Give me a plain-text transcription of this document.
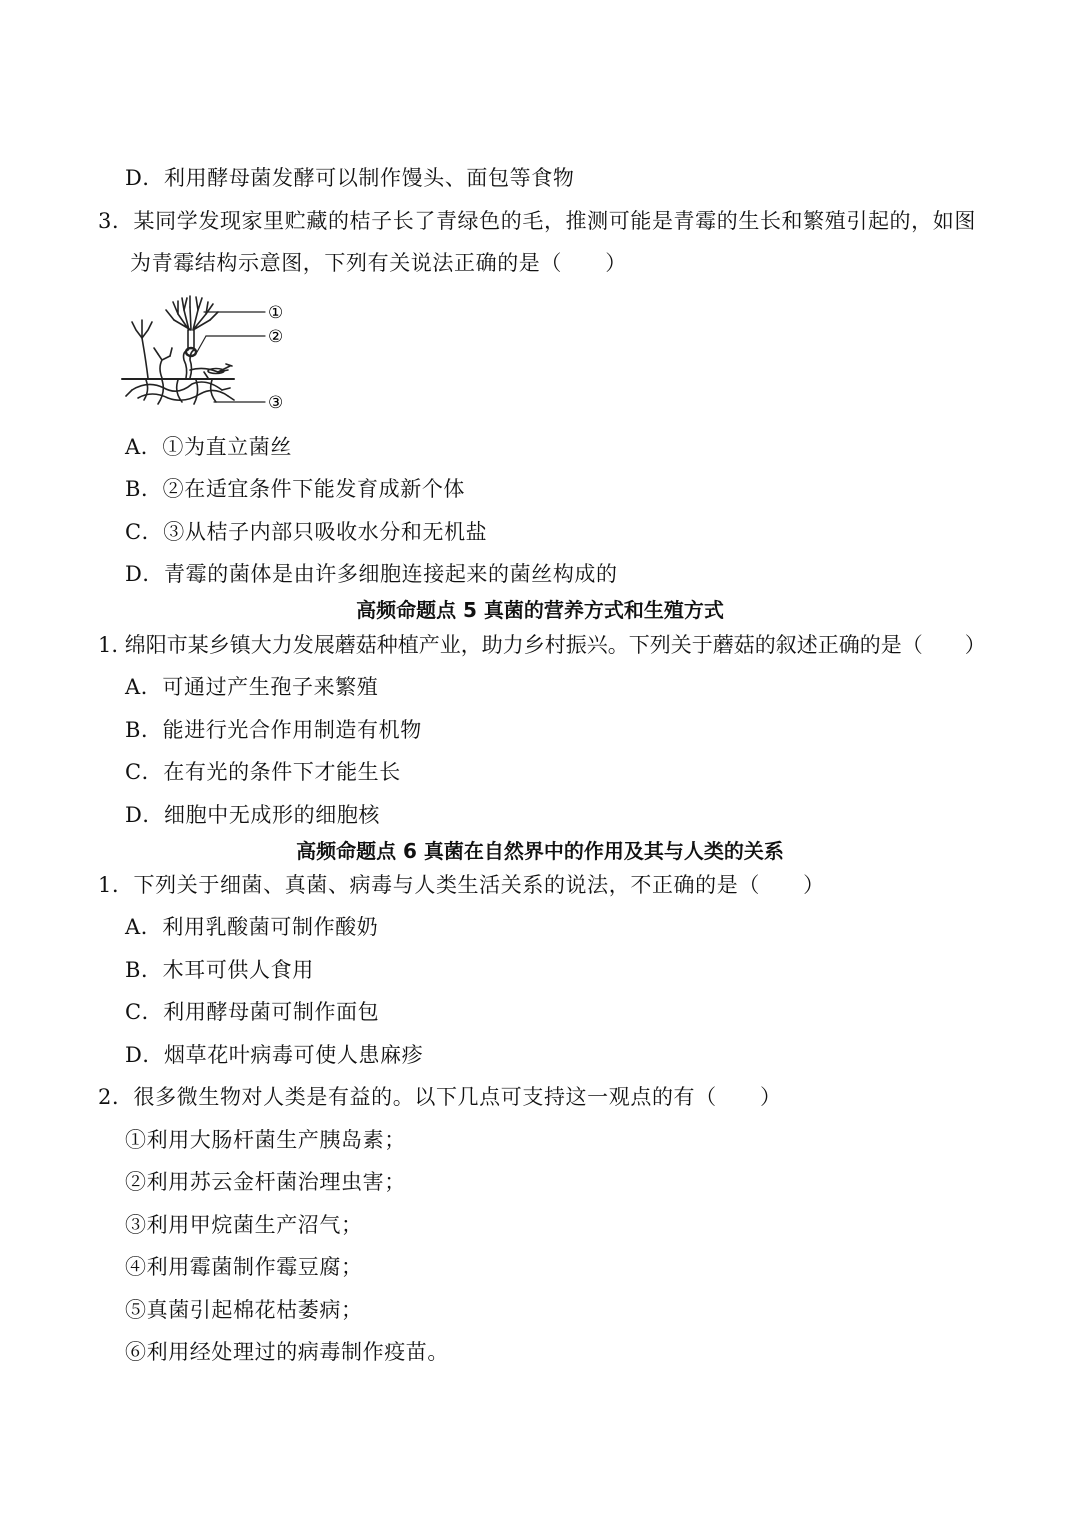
D．利用酵母菌发酵可以制作馒头、面包等食物
3．某同学发现家里贮藏的桔子长了青绿色的毛，推测可能是青霉的生长和繁殖引起的，如图
为青霉结构示意图，下列有关说法正确的是（　　）
①
②
③
A．①为直立菌丝
B．②在适宜条件下能发育成新个体
C．③从桔子内部只吸收水分和无机盐
D．青霉的菌体是由许多细胞连接起来的菌丝构成的
高频命题点 5 真菌的营养方式和生殖方式
1. 绵阳市某乡镇大力发展蘑菇种植产业，助力乡村振兴。下列关于蘑菇的叙述正确的是（　　）
A．可通过产生孢子来繁殖
B．能进行光合作用制造有机物
C．在有光的条件下才能生长
D．细胞中无成形的细胞核
高频命题点 6 真菌在自然界中的作用及其与人类的关系
1．下列关于细菌、真菌、病毒与人类生活关系的说法，不正确的是（　　）
A．利用乳酸菌可制作酸奶
B．木耳可供人食用
C．利用酵母菌可制作面包
D．烟草花叶病毒可使人患麻疹
2．很多微生物对人类是有益的。以下几点可支持这一观点的有（　　）
①利用大肠杆菌生产胰岛素；
②利用苏云金杆菌治理虫害；
③利用甲烷菌生产沼气；
④利用霉菌制作霉豆腐；
⑤真菌引起棉花枯萎病；
⑥利用经处理过的病毒制作疫苗。
